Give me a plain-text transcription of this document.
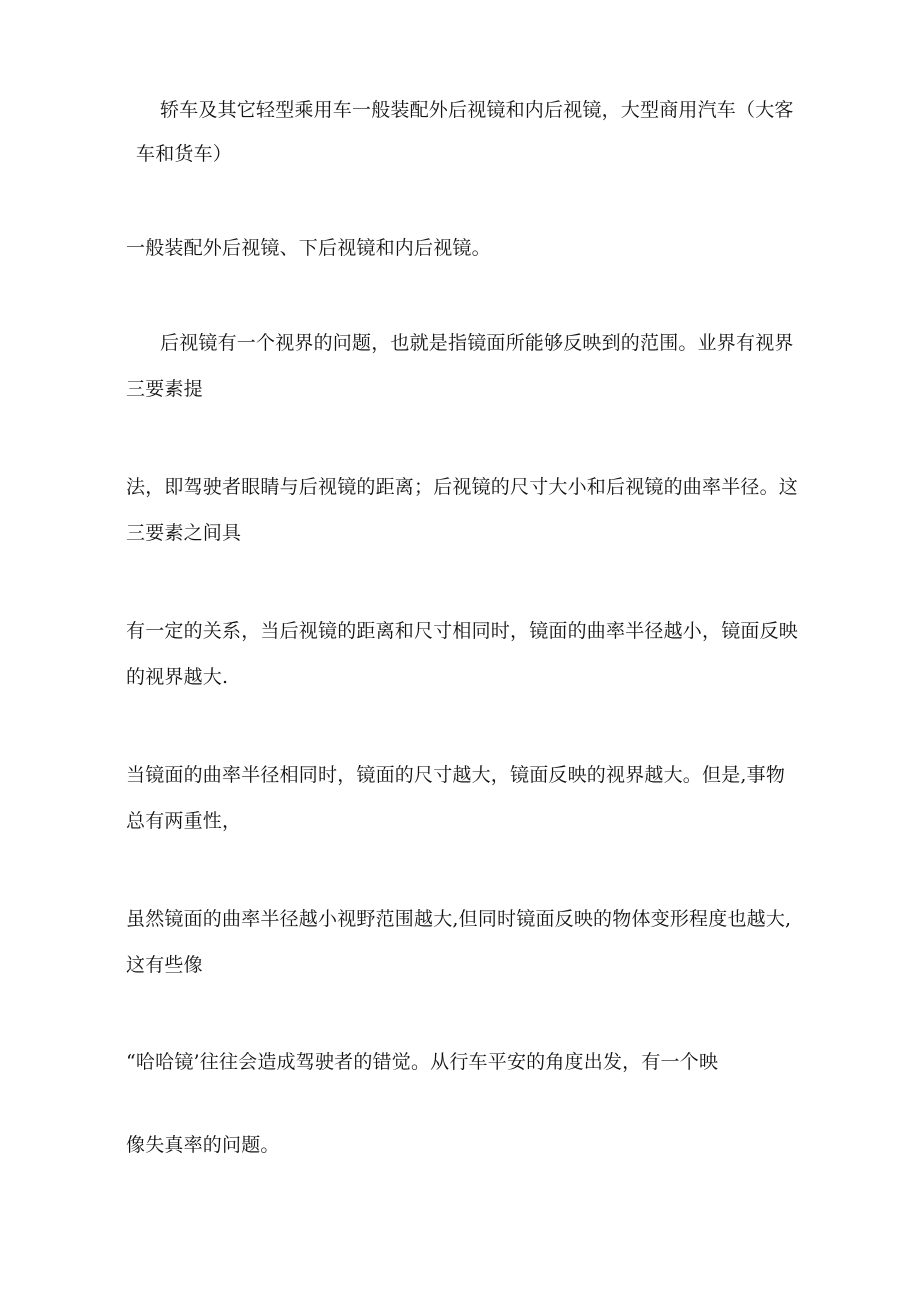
轿车及其它轻型乘用车一般装配外后视镜和内后视镜，大型商用汽车（大客
车和货车）
一般装配外后视镜、下后视镜和内后视镜。
后视镜有一个视界的问题，也就是指镜面所能够反映到的范围。业界有视界
三要素提
法，即驾驶者眼睛与后视镜的距离；后视镜的尺寸大小和后视镜的曲率半径。这
三要素之间具
有一定的关系，当后视镜的距离和尺寸相同时，镜面的曲率半径越小，镜面反映
的视界越大.
当镜面的曲率半径相同时，镜面的尺寸越大，镜面反映的视界越大。但是,事物
总有两重性，
虽然镜面的曲率半径越小视野范围越大,但同时镜面反映的物体变形程度也越大,
这有些像
“哈哈镜’往往会造成驾驶者的错觉。从行车平安的角度出发，有一个映
像失真率的问题。
